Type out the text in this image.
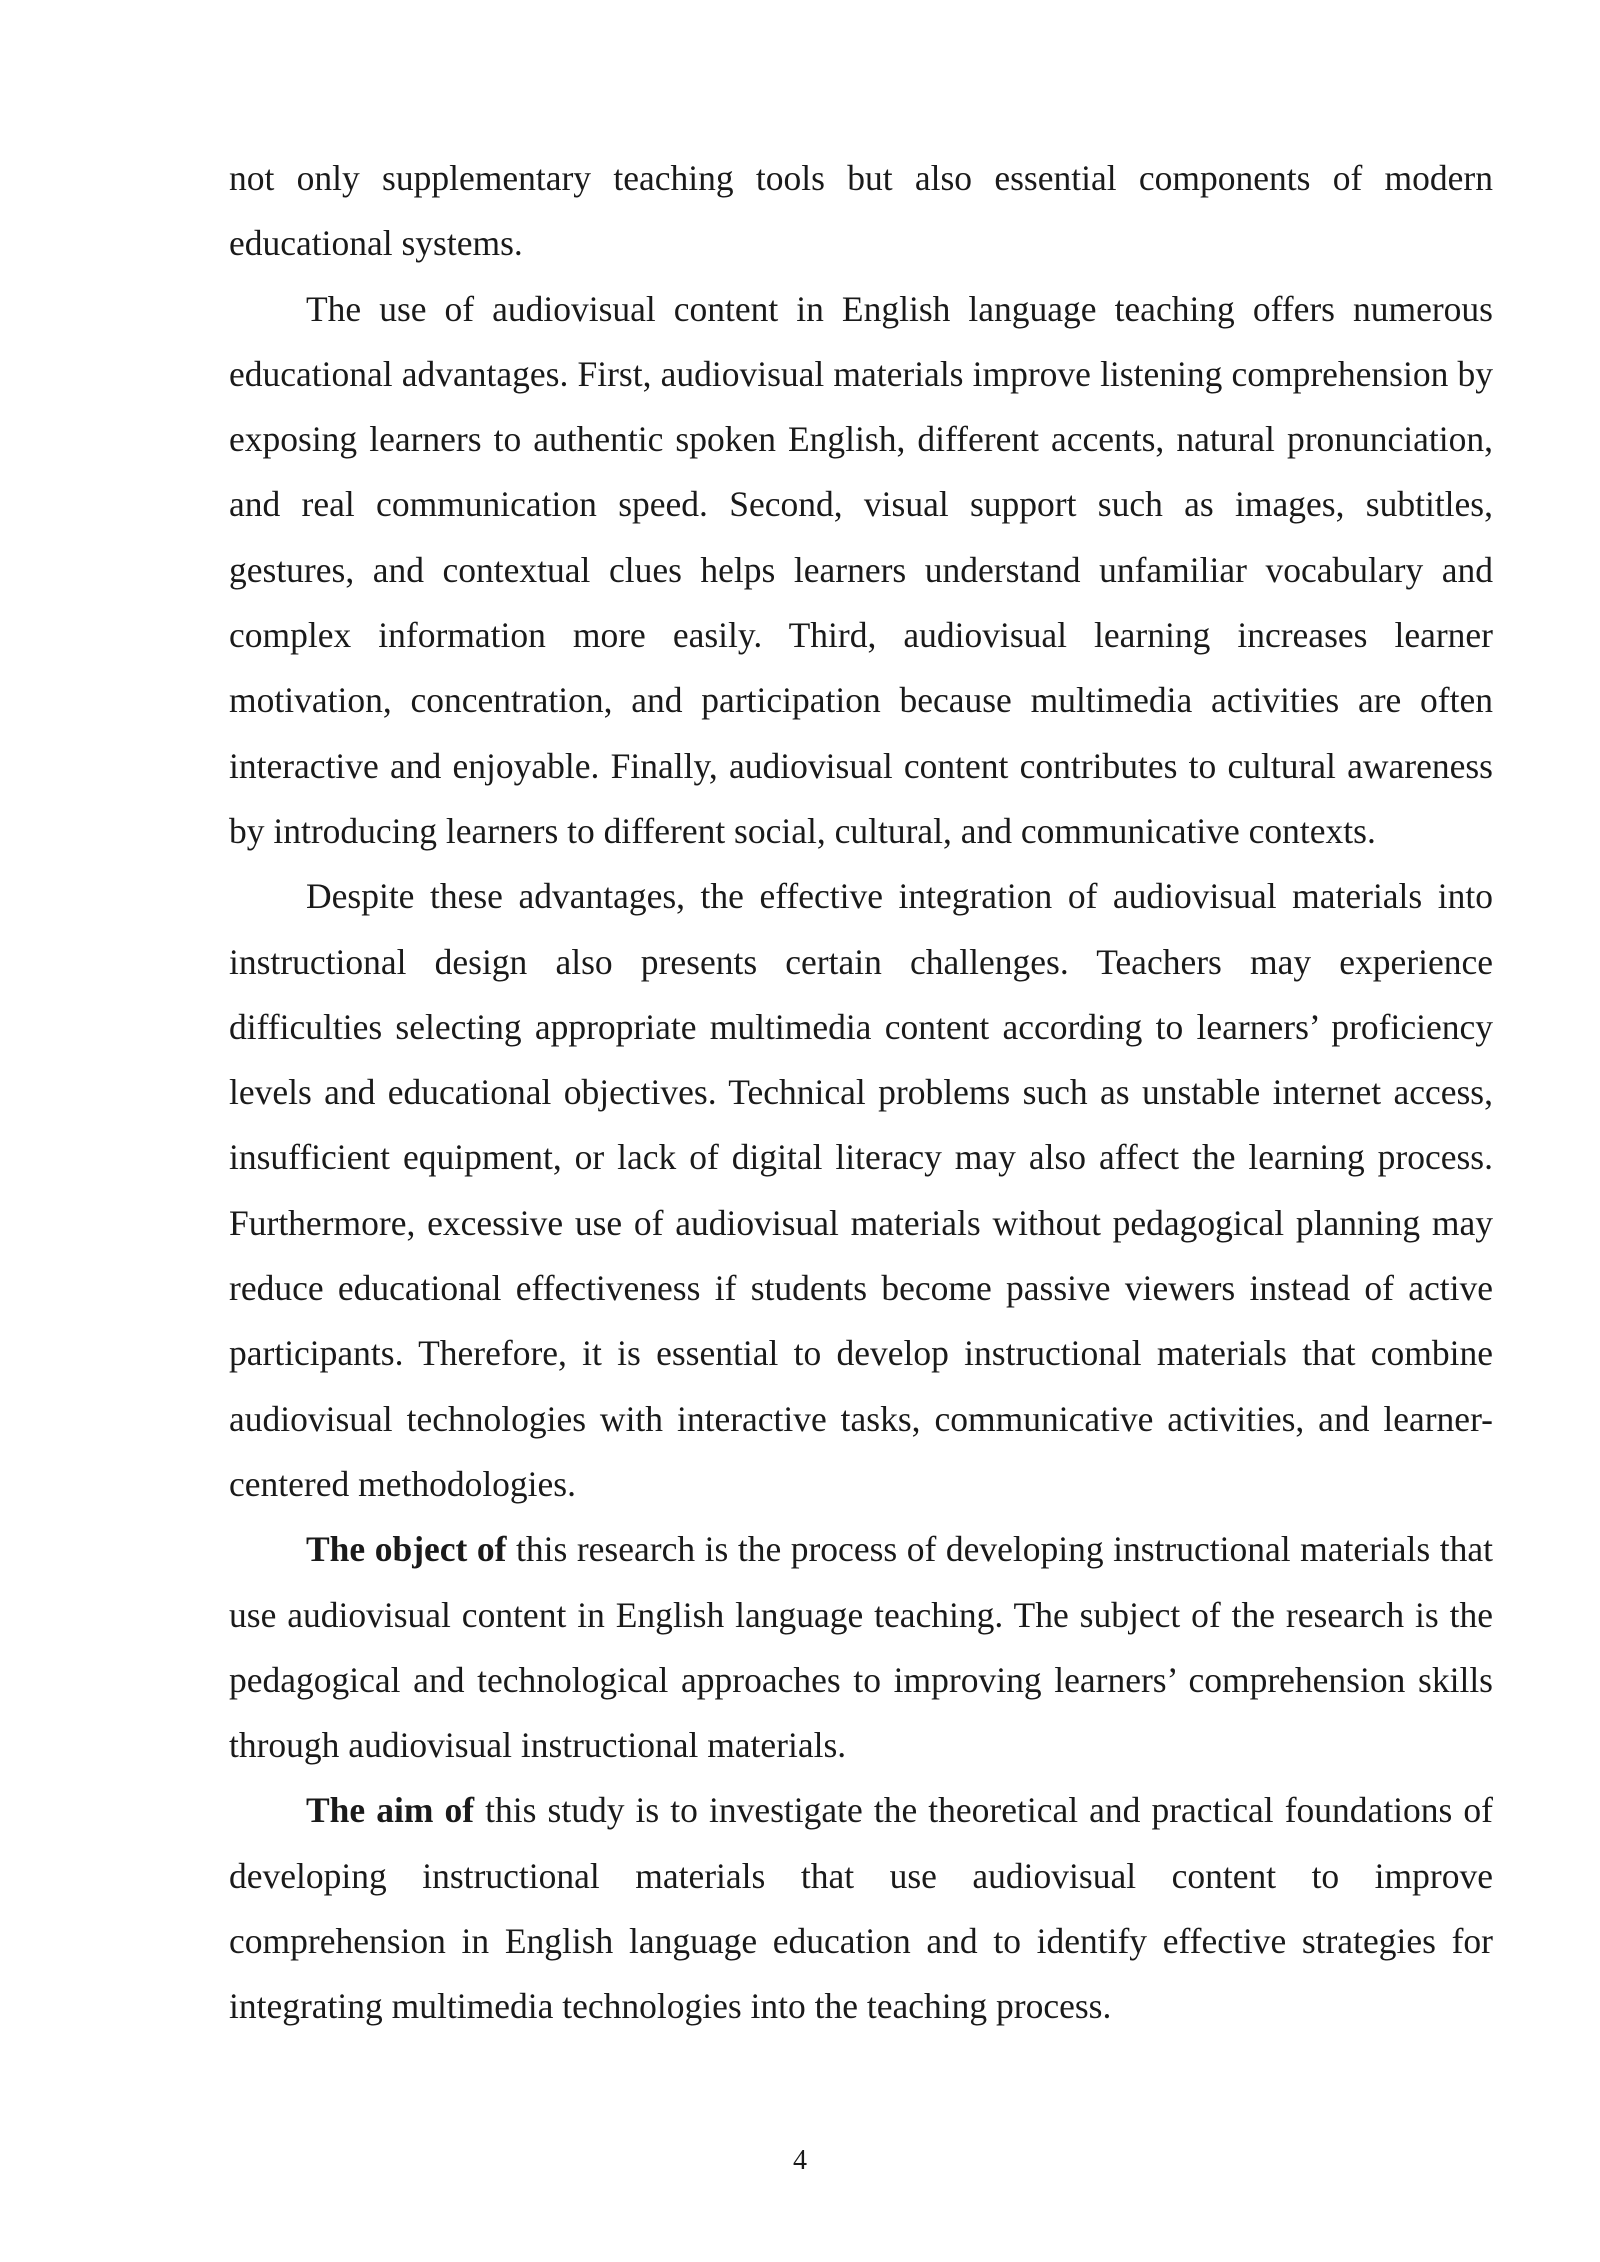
not only supplementary teaching tools but also essential components of modern educational systems.

The use of audiovisual content in English language teaching offers numerous educational advantages. First, audiovisual materials improve listening comprehension by exposing learners to authentic spoken English, different accents, natural pronunciation, and real communication speed. Second, visual support such as images, subtitles, gestures, and contextual clues helps learners understand unfamiliar vocabulary and complex information more easily. Third, audiovisual learning increases learner motivation, concentration, and participation because multimedia activities are often interactive and enjoyable. Finally, audiovisual content contributes to cultural awareness by introducing learners to different social, cultural, and communicative contexts.

Despite these advantages, the effective integration of audiovisual materials into instructional design also presents certain challenges. Teachers may experience difficulties selecting appropriate multimedia content according to learners’ proficiency levels and educational objectives. Technical problems such as unstable internet access, insufficient equipment, or lack of digital literacy may also affect the learning process. Furthermore, excessive use of audiovisual materials without pedagogical planning may reduce educational effectiveness if students become passive viewers instead of active participants. Therefore, it is essential to develop instructional materials that combine audiovisual technologies with interactive tasks, communicative activities, and learner-centered methodologies.

The object of this research is the process of developing instructional materials that use audiovisual content in English language teaching. The subject of the research is the pedagogical and technological approaches to improving learners’ comprehension skills through audiovisual instructional materials.

The aim of this study is to investigate the theoretical and practical foundations of developing instructional materials that use audiovisual content to improve comprehension in English language education and to identify effective strategies for integrating multimedia technologies into the teaching process.

4
